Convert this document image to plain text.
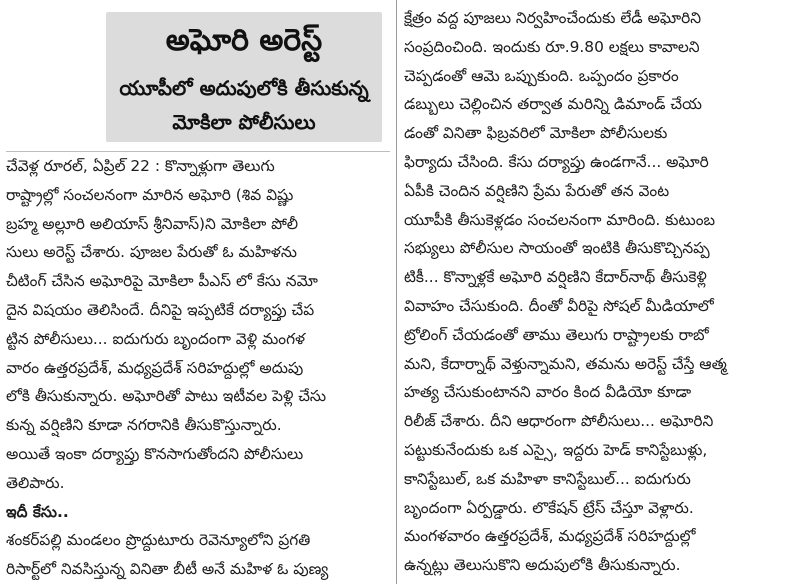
అఘోరి అరెస్ట్
యూపీలో అదుపులోకి తీసుకున్న
మోకిలా పోలీసులు
చేవెళ్ల రూరల్, ఏప్రిల్ 22 : కొన్నాళ్లుగా తెలుగు
రాష్ట్రాల్లో సంచలనంగా మారిన అఘోరి (శివ విష్ణు
బ్రహ్మ అల్లూరి అలియాస్ శ్రీనివాస్)ని మోకిలా పోలీ
సులు అరెస్ట్ చేశారు. పూజల పేరుతో ఓ మహిళను
చీటింగ్ చేసిన అఘోరిపై మోకిలా పీఎస్ లో కేసు నమో
దైన విషయం తెలిసిందే. దీనిపై ఇప్పటికే దర్యాప్తు చేప
ట్టిన పోలీసులు... ఐదుగురు బృందంగా వెళ్లి మంగళ
వారం ఉత్తరప్రదేశ్, మధ్యప్రదేశ్ సరిహద్దుల్లో అదుపు
లోకి తీసుకున్నారు. అఘోరితో పాటు ఇటీవల పెళ్లి చేసు
కున్న వర్షిణిని కూడా నగరానికి తీసుకొస్తున్నారు.
అయితే ఇంకా దర్యాప్తు కొనసాగుతోందని పోలీసులు
తెలిపారు.
ఇదీ కేసు..
శంకర్‌పల్లి మండలం ప్రొద్దుటూరు రెవెన్యూలోని ప్రగతి
రిసార్ట్‌లో నివసిస్తున్న వినితా బీటీ అనే మహిళ ఓ పుణ్య
క్షేత్రం వద్ద పూజలు నిర్వహించేందుకు లేడీ అఘోరిని
సంప్రదించింది. ఇందుకు రూ.9.80 లక్షలు కావాలని
చెప్పడంతో ఆమె ఒప్పుకుంది. ఒప్పందం ప్రకారం
డబ్బులు చెల్లించిన తర్వాత మరిన్ని డిమాండ్ చేయ
డంతో వినితా ఫిబ్రవరిలో మోకిలా పోలీసులకు
ఫిర్యాదు చేసింది. కేసు దర్యాప్తు ఉండగానే... అఘోరి
ఏపీకి చెందిన వర్షిణిని ప్రేమ పేరుతో తన వెంట
యూపీకి తీసుకెళ్లడం సంచలనంగా మారింది. కుటుంబ
సభ్యులు పోలీసుల సాయంతో ఇంటికి తీసుకొచ్చినప్ప
టికీ... కొన్నాళ్లకే అఘోరి వర్షిణిని కేదార్‌నాథ్ తీసుకెళ్లి
వివాహం చేసుకుంది. దీంతో వీరిపై సోషల్ మీడియాలో
ట్రోలింగ్ చేయడంతో తాము తెలుగు రాష్ట్రాలకు రాబో
మని, కేదార్నాథ్ వెళ్తున్నామని, తమను అరెస్ట్ చేస్తే ఆత్మ
హత్య చేసుకుంటానని వారం కింద వీడియో కూడా
రిలీజ్ చేశారు. దీని ఆధారంగా పోలీసులు... అఘోరిని
పట్టుకునేందుకు ఒక ఎస్సై, ఇద్దరు హెడ్ కానిస్టేబుళ్లు,
కానిస్టేబుల్, ఒక మహిళా కానిస్టేబుల్... ఐదుగురు
బృందంగా ఏర్పడ్డారు. లొకేషన్ ట్రేస్ చేస్తూ వెళ్లారు.
మంగళవారం ఉత్తరప్రదేశ్, మధ్యప్రదేశ్ సరిహద్దుల్లో
ఉన్నట్లు తెలుసుకొని అదుపులోకి తీసుకున్నారు.
